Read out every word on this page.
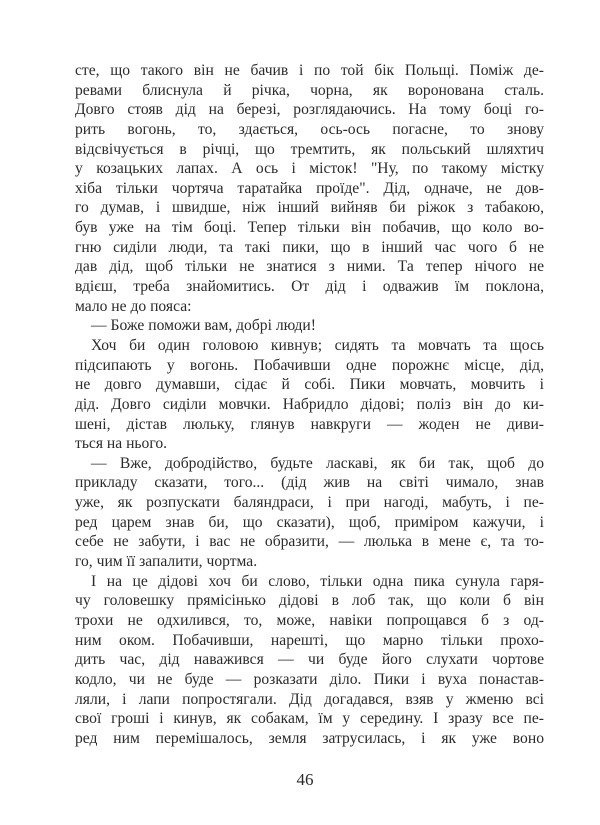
сте, що такого він не бачив і по той бік Польщі. Поміж де-
ревами блиснула й річка, чорна, як воронована сталь.
Довго стояв дід на березі, розглядаючись. На тому боці го-
рить вогонь, то, здається, ось-ось погасне, то знову
відсвічується в річці, що тремтить, як польський шляхтич
у козацьких лапах. А ось і місток! "Ну, по такому містку
хіба тільки чортяча таратайка проїде". Дід, одначе, не дов-
го думав, і швидше, ніж інший вийняв би ріжок з табакою,
був уже на тім боці. Тепер тільки він побачив, що коло во-
гню сиділи люди, та такі пики, що в інший час чого б не
дав дід, щоб тільки не знатися з ними. Та тепер нічого не
вдієш, треба знайомитись. От дід і одважив їм поклона,
мало не до пояса:
— Боже поможи вам, добрі люди!
Хоч би один головою кивнув; сидять та мовчать та щось
підсипають у вогонь. Побачивши одне порожнє місце, дід,
не довго думавши, сідає й собі. Пики мовчать, мовчить і
дід. Довго сиділи мовчки. Набридло дідові; поліз він до ки-
шені, дістав люльку, глянув навкруги — жоден не диви-
ться на нього.
— Вже, добродійство, будьте ласкаві, як би так, щоб до
прикладу сказати, того... (дід жив на світі чимало, знав
уже, як розпускати баляндраси, і при нагоді, мабуть, і пе-
ред царем знав би, що сказати), щоб, приміром кажучи, і
себе не забути, і вас не образити, — люлька в мене є, та то-
го, чим її запалити, чортма.
І на це дідові хоч би слово, тільки одна пика сунула гаря-
чу головешку прямісінько дідові в лоб так, що коли б він
трохи не одхилився, то, може, навіки попрощався б з од-
ним оком. Побачивши, нарешті, що марно тільки прохо-
дить час, дід наважився — чи буде його слухати чортове
кодло, чи не буде — розказати діло. Пики і вуха понастав-
ляли, і лапи попростягали. Дід догадався, взяв у жменю всі
свої гроші і кинув, як собакам, їм у середину. І зразу все пе-
ред ним перемішалось, земля затрусилась, і як уже воно
46
